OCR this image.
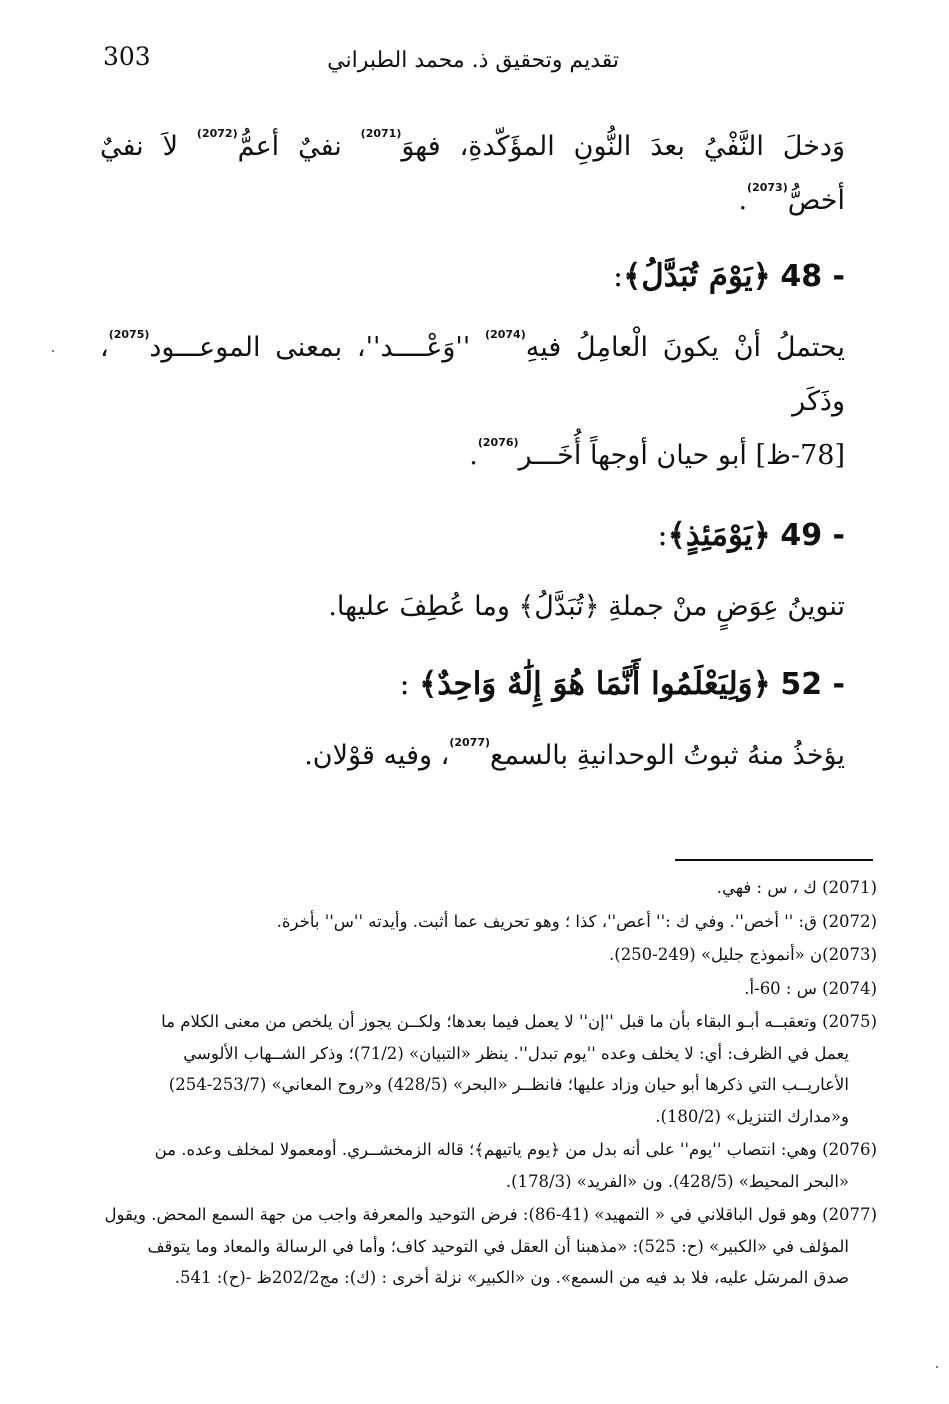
303	تقديم وتحقيق ذ. محمد الطبراني

وَدخلَ النَّفْيُ بعدَ النُّونِ المؤَكّدةِ، فهوَ$^{(2071)}$ نفيٌ أعمُّ$^{(2072)}$ لاَ نفيٌ أخصُّ$^{(2073)}$.

48 - ﴿يَوْمَ تُبَدَّلُ﴾:

يحتملُ أنْ يكونَ الْعامِلُ فيهِ$^{(2074)}$ ''وَعْــــد''، بمعنى الموعـــود$^{(2075)}$، وذَكَر
[78-ظ] أبو حيان أوجهاً أُخَـــر$^{(2076)}$.

49 - ﴿يَوْمَئِذٍ﴾:

تنوينُ عِوَضٍ منْ جملةِ ﴿تُبَدَّلُ﴾ وما عُطِفَ عليها.

52 - ﴿وَلِيَعْلَمُوا أَنَّمَا هُوَ إِلَٰهٌ وَاحِدٌ﴾ :

يؤخذُ منهُ ثبوتُ الوحدانيةِ بالسمع$^{(2077)}$، وفيه قوْلان.

(2071) ك ، س : فهي.
(2072) ق: '' أخص''. وفي ك :'' أعص''، كذا ؛ وهو تحريف عما أثبت. وأيدته ''س'' بأخرة.
(2073)ن «أنموذج جليل» (249-250).
(2074) س : 60-أ.
(2075) وتعقبــه أبـو البقاء بأن ما قبل ''إن'' لا يعمل فيما بعدها؛ ولكــن يجوز أن يلخص من معنى الكلام ما
يعمل في الظرف: أي: لا يخلف وعده ''يوم تبدل''. ينظر «التبيان» (71/2)؛ وذكر الشــهاب الألوسي
الأعاريــب التي ذكرها أبو حيان وزاد عليها؛ فانظــر «البحر» (428/5) و«روح المعاني» (253/7-254)
و«مدارك التنزيل» (180/2).
(2076) وهي: انتصاب ''يوم'' على أنه بدل من ﴿يوم ياتيهم﴾؛ قاله الزمخشــري. أومعمولا لمخلف وعده. من
«البحر المحيط» (428/5). ون «الفريد» (178/3).
(2077) وهو قول الباقلاني في « التمهيد» (41-86): فرض التوحيد والمعرفة واجب من جهة السمع المحض. ويقول
المؤلف في «الكبير» (ح: 525): «مذهبنا أن العقل في التوحيد كاف؛ وأما في الرسالة والمعاد وما يتوقف
صدق المرسَل عليه، فلا بد فيه من السمع». ون «الكبير» نزلة أخرى : (ك): مج202/2ظ -(ح): 541.
